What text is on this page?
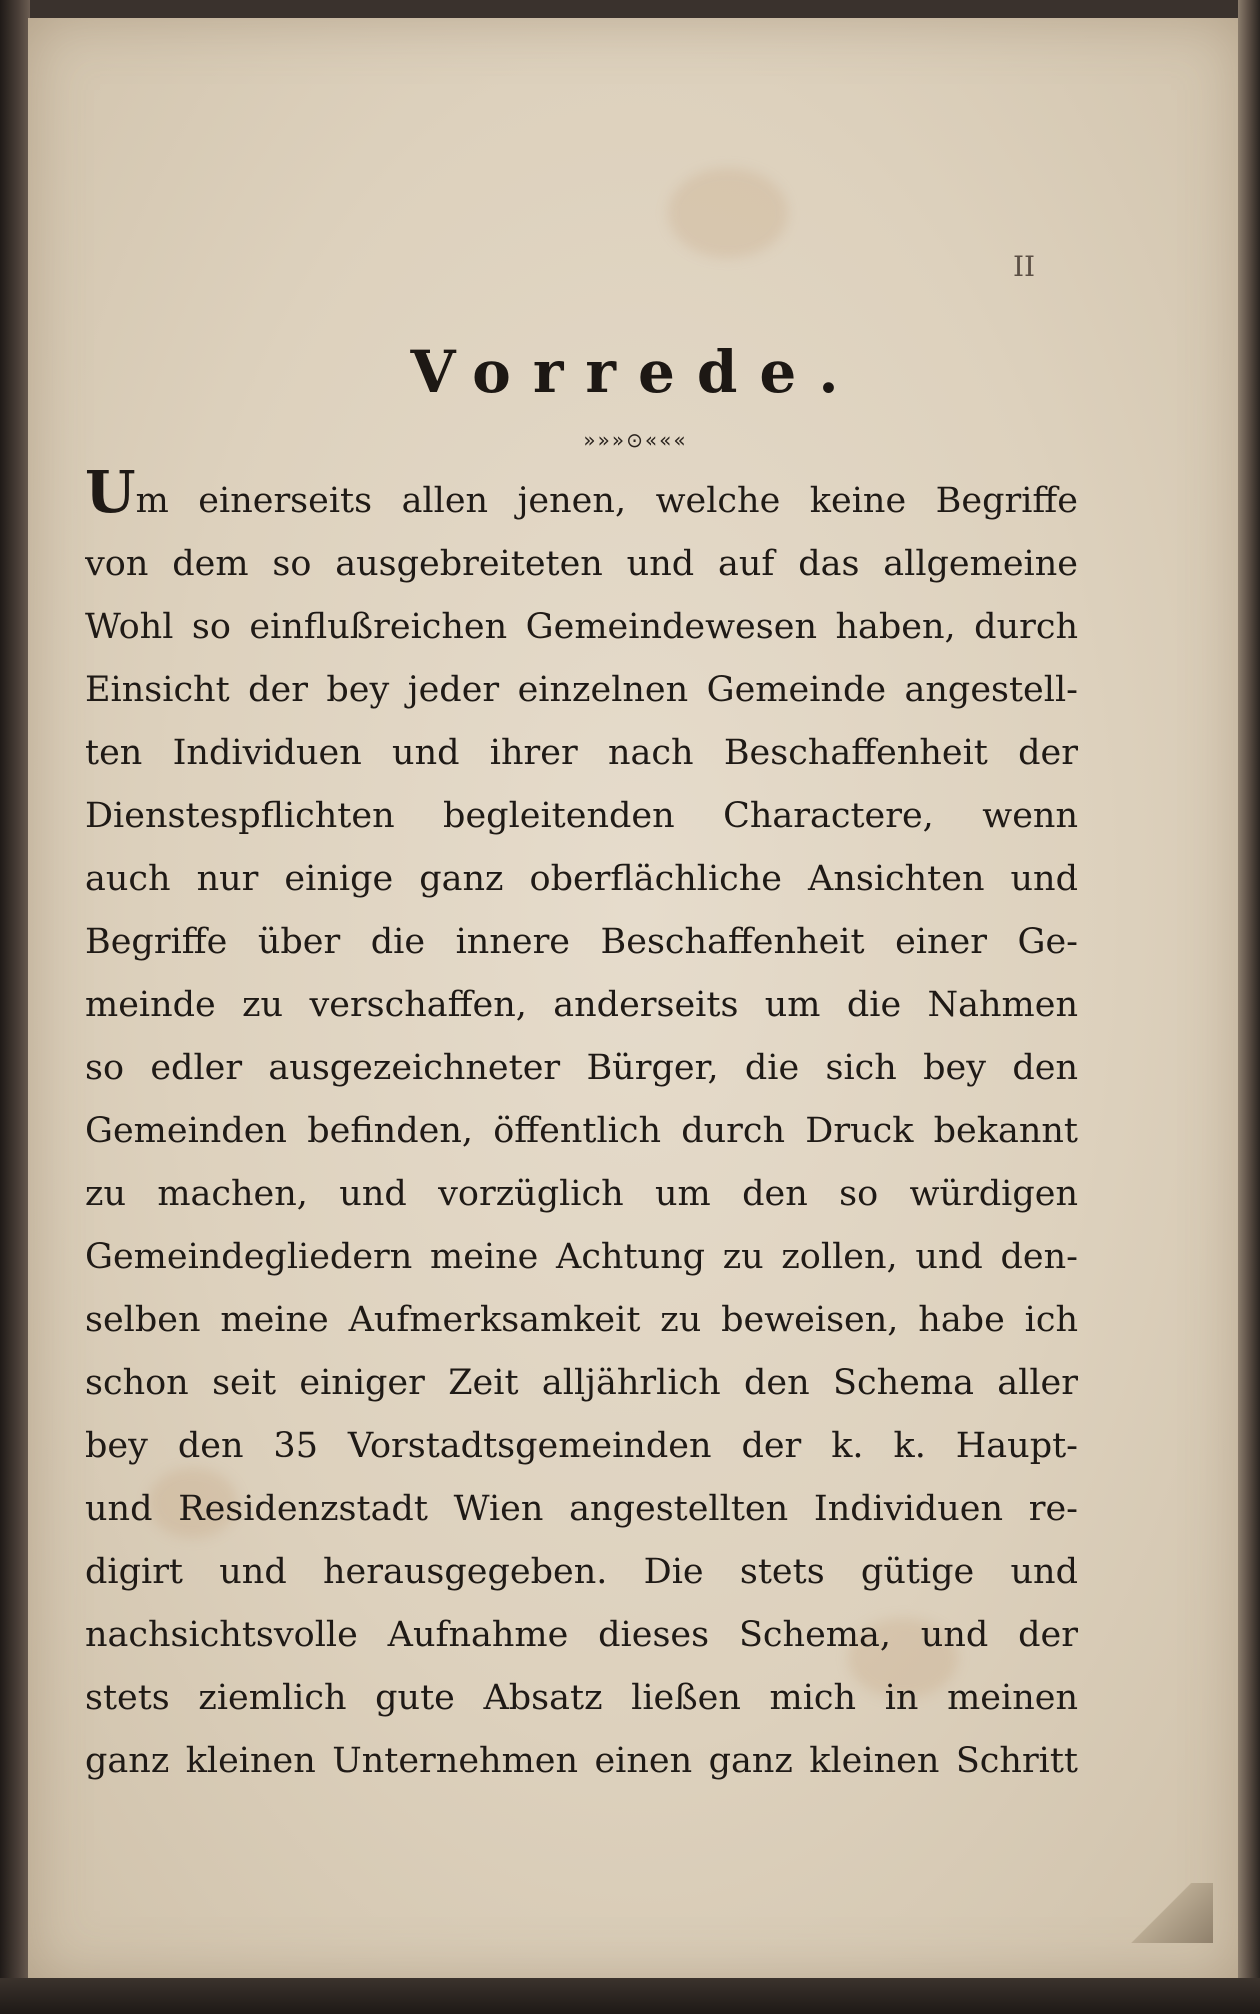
II
Vorrede.
»»»⊙«««
Um einerseits allen jenen, welche keine Begriffe
von dem so ausgebreiteten und auf das allgemeine
Wohl so einflußreichen Gemeindewesen haben, durch
Einsicht der bey jeder einzelnen Gemeinde angestell-
ten Individuen und ihrer nach Beschaffenheit der
Dienstespflichten begleitenden Charactere, wenn
auch nur einige ganz oberflächliche Ansichten und
Begriffe über die innere Beschaffenheit einer Ge-
meinde zu verschaffen, anderseits um die Nahmen
so edler ausgezeichneter Bürger, die sich bey den
Gemeinden befinden, öffentlich durch Druck bekannt
zu machen, und vorzüglich um den so würdigen
Gemeindegliedern meine Achtung zu zollen, und den-
selben meine Aufmerksamkeit zu beweisen, habe ich
schon seit einiger Zeit alljährlich den Schema aller
bey den 35 Vorstadtsgemeinden der k. k. Haupt-
und Residenzstadt Wien angestellten Individuen re-
digirt und herausgegeben. Die stets gütige und
nachsichtsvolle Aufnahme dieses Schema, und der
stets ziemlich gute Absatz ließen mich in meinen
ganz kleinen Unternehmen einen ganz kleinen Schritt
